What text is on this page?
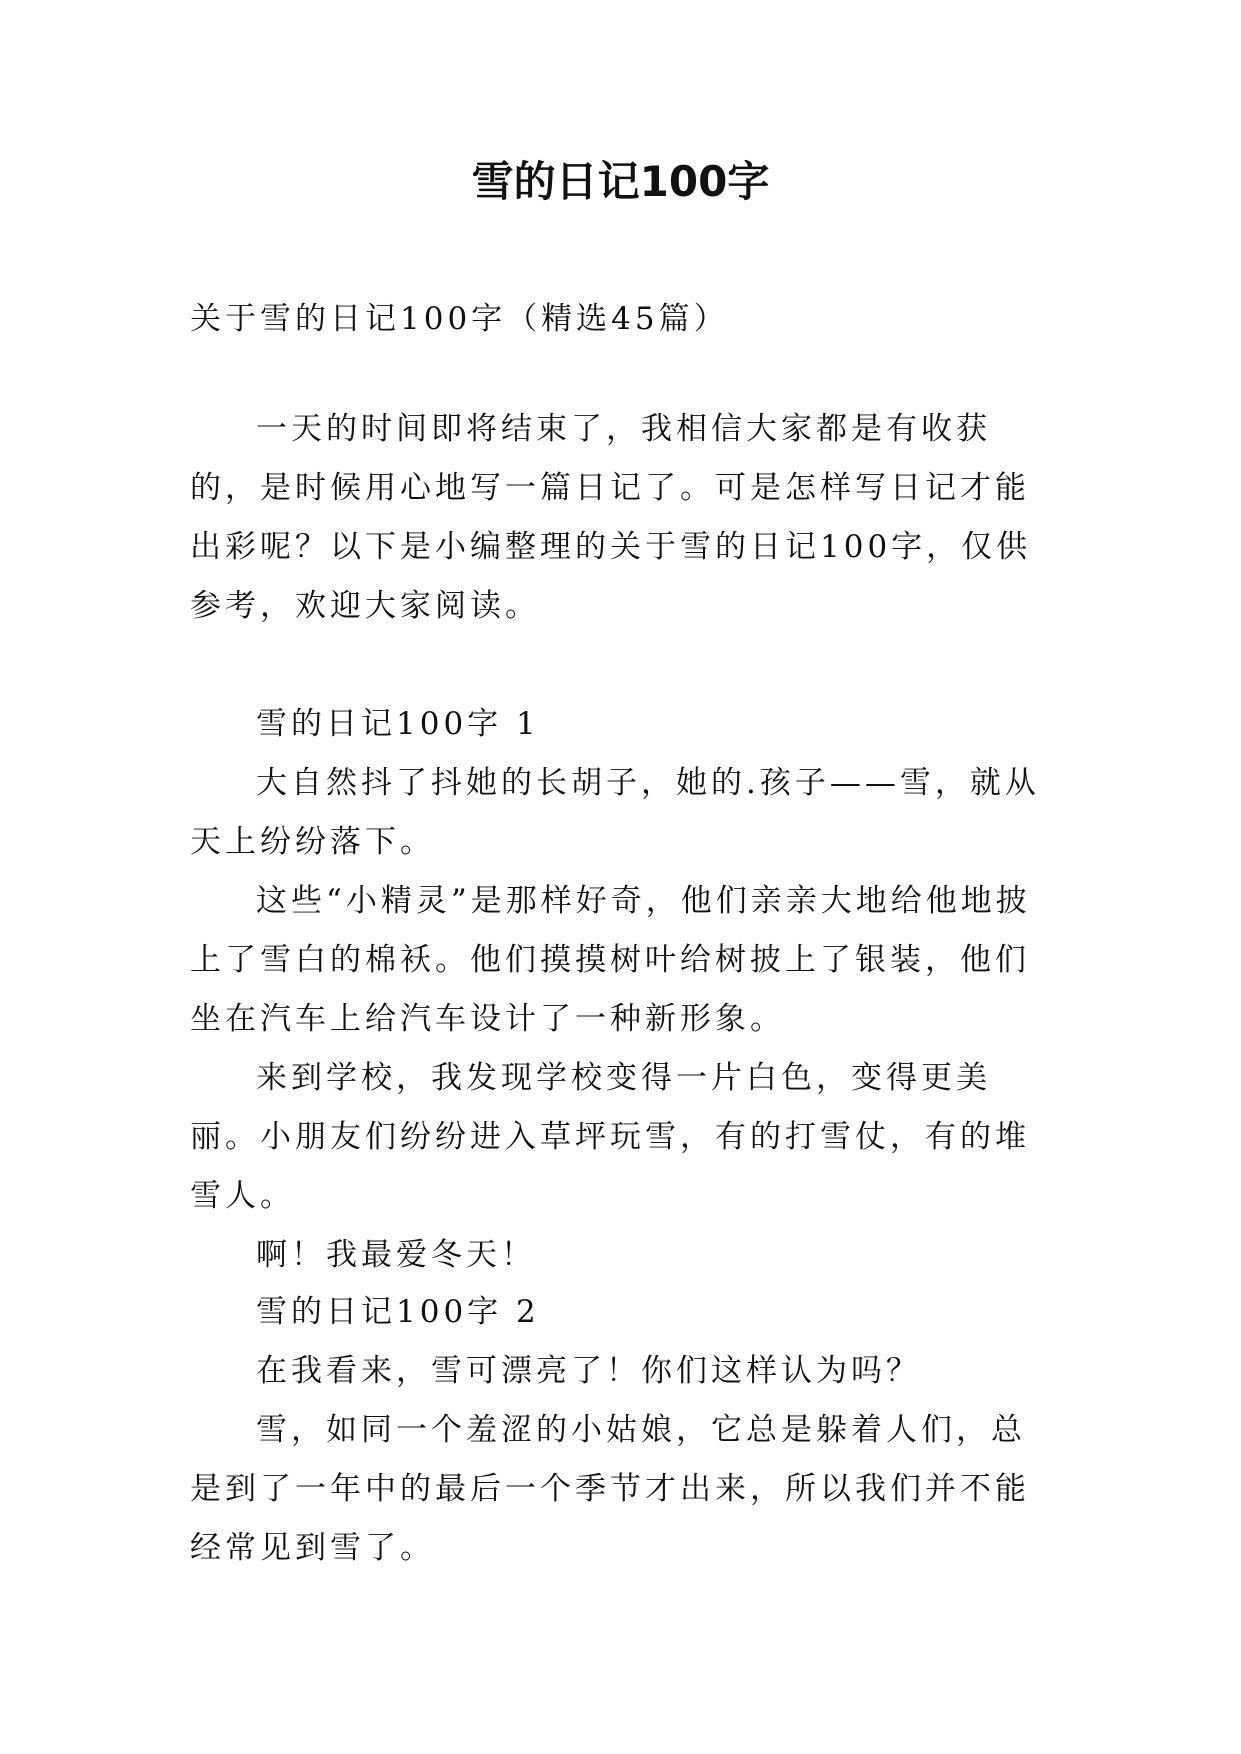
雪的日记100字

关于雪的日记100字（精选45篇）

一天的时间即将结束了，我相信大家都是有收获的，是时候用心地写一篇日记了。可是怎样写日记才能出彩呢？以下是小编整理的关于雪的日记100字，仅供参考，欢迎大家阅读。

雪的日记100字 1

大自然抖了抖她的长胡子，她的.孩子——雪，就从天上纷纷落下。

这些“小精灵”是那样好奇，他们亲亲大地给他地披上了雪白的棉袄。他们摸摸树叶给树披上了银装，他们坐在汽车上给汽车设计了一种新形象。

来到学校，我发现学校变得一片白色，变得更美丽。小朋友们纷纷进入草坪玩雪，有的打雪仗，有的堆雪人。

啊！我最爱冬天！

雪的日记100字 2

在我看来，雪可漂亮了！你们这样认为吗？

雪，如同一个羞涩的小姑娘，它总是躲着人们，总是到了一年中的最后一个季节才出来，所以我们并不能经常见到雪了。
